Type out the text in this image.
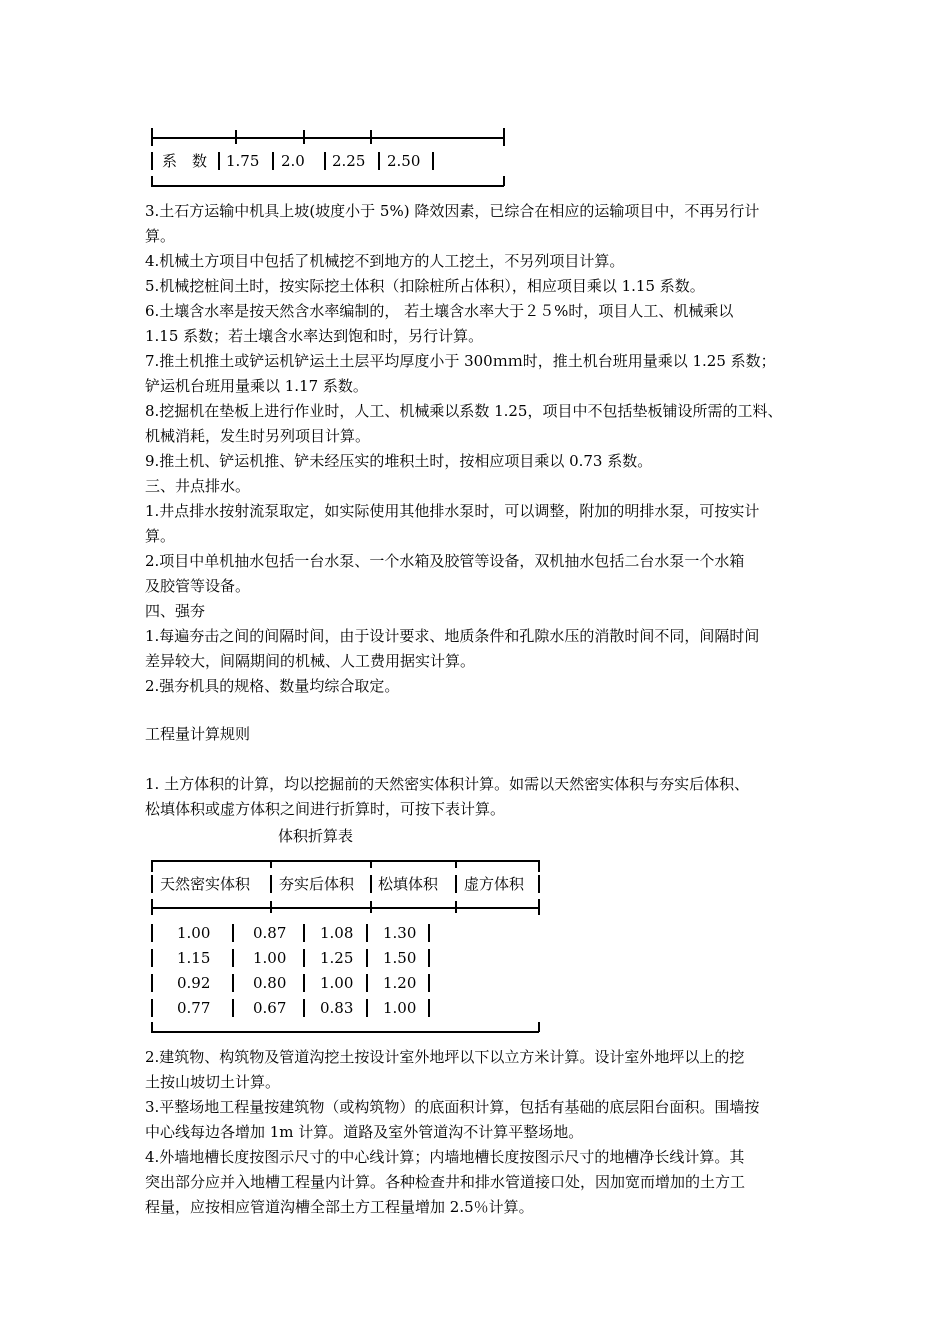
系　数 1.75 2.0 2.25 2.50
3.土石方运输中机具上坡(坡度小于 5%) 降效因素，已综合在相应的运输项目中，不再另行计
算。
4.机械土方项目中包括了机械挖不到地方的人工挖土，不另列项目计算。
5.机械挖桩间土时，按实际挖土体积（扣除桩所占体积），相应项目乘以 1.15 系数。
6.土壤含水率是按天然含水率编制的， 若土壤含水率大于２５%时，项目人工、机械乘以
1.15 系数；若土壤含水率达到饱和时，另行计算。
7.推土机推土或铲运机铲运土土层平均厚度小于 300ｍｍ时，推土机台班用量乘以 1.25 系数；
铲运机台班用量乘以 1.17 系数。
8.挖掘机在垫板上进行作业时，人工、机械乘以系数 1.25，项目中不包括垫板铺设所需的工料、
机械消耗，发生时另列项目计算。
9.推土机、铲运机推、铲未经压实的堆积土时，按相应项目乘以 0.73 系数。
三、井点排水。
1.井点排水按射流泵取定，如实际使用其他排水泵时，可以调整，附加的明排水泵，可按实计
算。
2.项目中单机抽水包括一台水泵、一个水箱及胶管等设备，双机抽水包括二台水泵一个水箱
及胶管等设备。
四、强夯
1.每遍夯击之间的间隔时间，由于设计要求、地质条件和孔隙水压的消散时间不同，间隔时间
差异较大，间隔期间的机械、人工费用据实计算。
2.强夯机具的规格、数量均综合取定。
工程量计算规则
1. 土方体积的计算，均以挖掘前的天然密实体积计算。如需以天然密实体积与夯实后体积、
松填体积或虚方体积之间进行折算时，可按下表计算。
体积折算表
天然密实体积 夯实后体积 松填体积 虚方体积
1.00	0.87 1.08 1.30
1.15	1.00 1.25 1.50
0.92	0.80 1.00 1.20
0.77	0.67 0.83 1.00
2.建筑物、构筑物及管道沟挖土按设计室外地坪以下以立方米计算。设计室外地坪以上的挖
土按山坡切土计算。
3.平整场地工程量按建筑物（或构筑物）的底面积计算，包括有基础的底层阳台面积。围墙按
中心线每边各增加 1m 计算。道路及室外管道沟不计算平整场地。
4.外墙地槽长度按图示尺寸的中心线计算；内墙地槽长度按图示尺寸的地槽净长线计算。其
突出部分应并入地槽工程量内计算。各种检查井和排水管道接口处，因加宽而增加的土方工
程量，应按相应管道沟槽全部土方工程量增加 2.5％计算。
